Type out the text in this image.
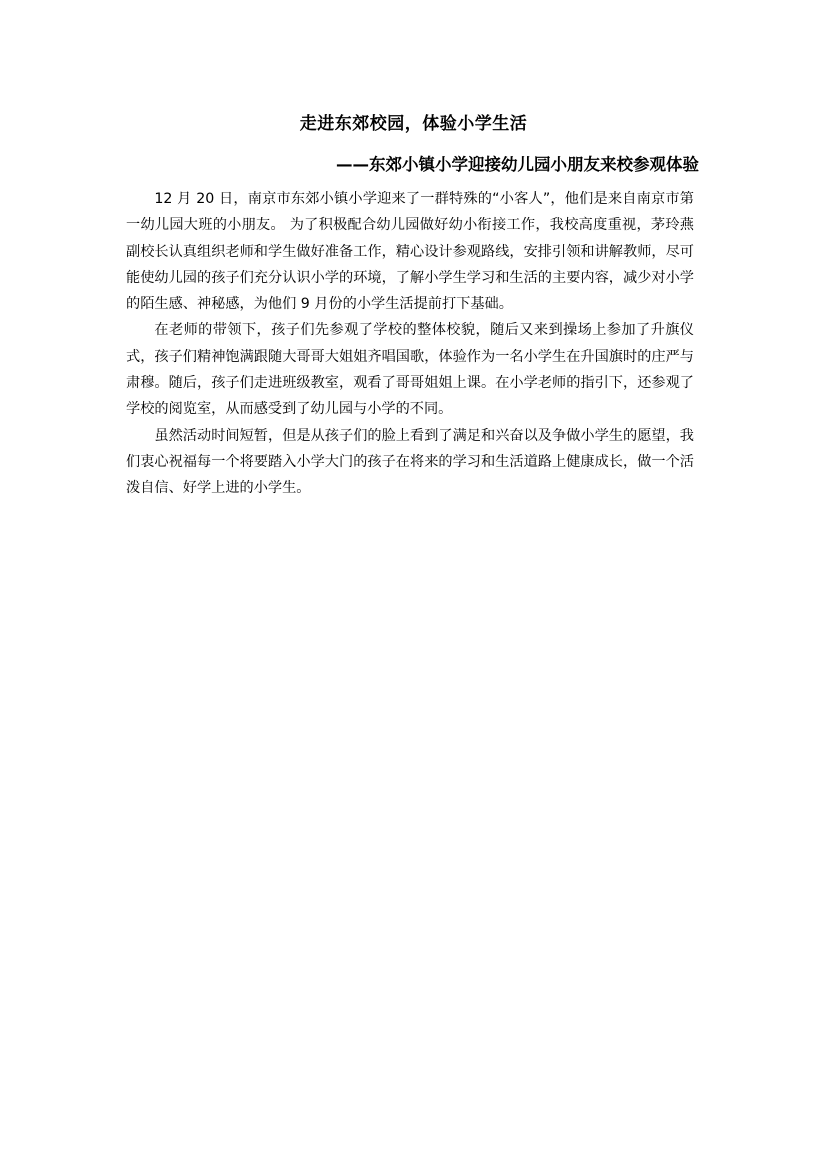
走进东郊校园，体验小学生活
——东郊小镇小学迎接幼儿园小朋友来校参观体验

12 月 20 日，南京市东郊小镇小学迎来了一群特殊的“小客人”，他们是来自南京市第一幼儿园大班的小朋友。 为了积极配合幼儿园做好幼小衔接工作，我校高度重视，茅玲燕副校长认真组织老师和学生做好准备工作，精心设计参观路线，安排引领和讲解教师，尽可能使幼儿园的孩子们充分认识小学的环境，了解小学生学习和生活的主要内容，减少对小学的陌生感、神秘感，为他们 9 月份的小学生活提前打下基础。

在老师的带领下，孩子们先参观了学校的整体校貌，随后又来到操场上参加了升旗仪式，孩子们精神饱满跟随大哥哥大姐姐齐唱国歌，体验作为一名小学生在升国旗时的庄严与肃穆。随后，孩子们走进班级教室，观看了哥哥姐姐上课。在小学老师的指引下，还参观了学校的阅览室，从而感受到了幼儿园与小学的不同。

虽然活动时间短暂，但是从孩子们的脸上看到了满足和兴奋以及争做小学生的愿望，我们衷心祝福每一个将要踏入小学大门的孩子在将来的学习和生活道路上健康成长，做一个活泼自信、好学上进的小学生。
